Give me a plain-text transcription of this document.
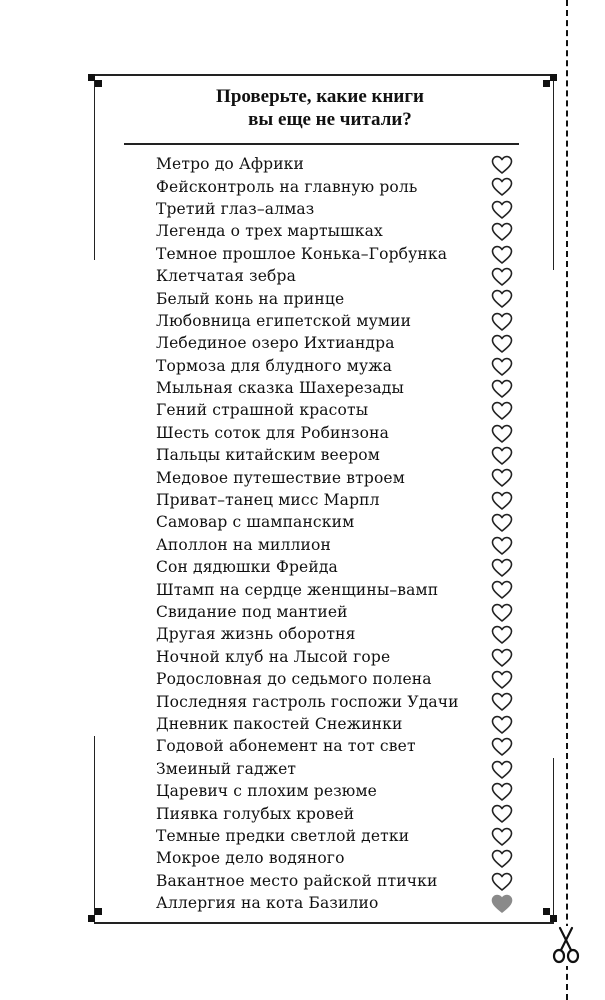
Проверьте, какие книги
вы еще не читали?
Метро до Африки
Фейсконтроль на главную роль
Третий глаз–алмаз
Легенда о трех мартышках
Темное прошлое Конька–Горбунка
Клетчатая зебра
Белый конь на принце
Любовница египетской мумии
Лебединое озеро Ихтиандра
Тормоза для блудного мужа
Мыльная сказка Шахерезады
Гений страшной красоты
Шесть соток для Робинзона
Пальцы китайским веером
Медовое путешествие втроем
Приват–танец мисс Марпл
Самовар с шампанским
Аполлон на миллион
Сон дядюшки Фрейда
Штамп на сердце женщины–вамп
Свидание под мантией
Другая жизнь оборотня
Ночной клуб на Лысой горе
Родословная до седьмого полена
Последняя гастроль госпожи Удачи
Дневник пакостей Снежинки
Годовой абонемент на тот свет
Змеиный гаджет
Царевич с плохим резюме
Пиявка голубых кровей
Темные предки светлой детки
Мокрое дело водяного
Вакантное место райской птички
Аллергия на кота Базилио
